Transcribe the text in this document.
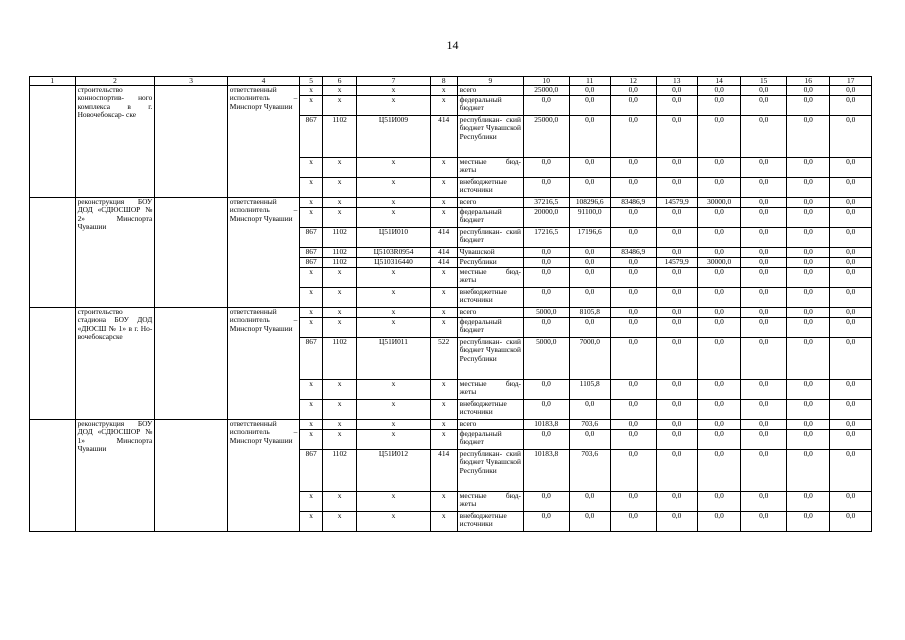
14
1	2	3	4	5	6	7	8	9	10	11	12	13	14	15	16	17
	строительство конноспортив- ного комплекса в г. Новочебоксар- ске		ответственный исполнитель – Минспорт Чувашии	x	x	x	x	всего	25000,0	0,0	0,0	0,0	0,0	0,0	0,0	0,0
				x	x	x	x	федеральный бюджет	0,0	0,0	0,0	0,0	0,0	0,0	0,0	0,0
				867	1102	Ц51И009	414	республикан- ский бюджет Чувашской Республики	25000,0	0,0	0,0	0,0	0,0	0,0	0,0	0,0
				x	x	x	x	местные бюд- жеты	0,0	0,0	0,0	0,0	0,0	0,0	0,0	0,0
				x	x	x	x	внебюджетные источники	0,0	0,0	0,0	0,0	0,0	0,0	0,0	0,0
	реконструкция БОУ ДОД «СДЮСШОР № 2» Минспорта Чувашии		ответственный исполнитель – Минспорт Чувашии	x	x	x	x	всего	37216,5	108296,6	83486,9	14579,9	30000,0	0,0	0,0	0,0
				x	x	x	x	федеральный бюджет	20000,0	91100,0	0,0	0,0	0,0	0,0	0,0	0,0
				867	1102	Ц51И010	414	республикан- ский бюджет	17216,5	17196,6	0,0	0,0	0,0	0,0	0,0	0,0
				867	1102	Ц5103R0954	414	Чувашской	0,0	0,0	83486,9	0,0	0,0	0,0	0,0	0,0
				867	1102	Ц510316440	414	Республики	0,0	0,0	0,0	14579,9	30000,0	0,0	0,0	0,0
				x	x	x	x	местные бюд- жеты	0,0	0,0	0,0	0,0	0,0	0,0	0,0	0,0
				x	x	x	x	внебюджетные источники	0,0	0,0	0,0	0,0	0,0	0,0	0,0	0,0
	строительство стадиона БОУ ДОД «ДЮСШ № 1» в г. Но- вочебоксарске		ответственный исполнитель – Минспорт Чувашии	x	x	x	x	всего	5000,0	8105,8	0,0	0,0	0,0	0,0	0,0	0,0
				x	x	x	x	федеральный бюджет	0,0	0,0	0,0	0,0	0,0	0,0	0,0	0,0
				867	1102	Ц51И011	522	республикан- ский бюджет Чувашской Республики	5000,0	7000,0	0,0	0,0	0,0	0,0	0,0	0,0
				x	x	x	x	местные бюд- жеты	0,0	1105,8	0,0	0,0	0,0	0,0	0,0	0,0
				x	x	x	x	внебюджетные источники	0,0	0,0	0,0	0,0	0,0	0,0	0,0	0,0
	реконструкция БОУ ДОД «СДЮСШОР № 1» Минспорта Чувашии		ответственный исполнитель – Минспорт Чувашии	x	x	x	x	всего	10183,8	703,6	0,0	0,0	0,0	0,0	0,0	0,0
				x	x	x	x	федеральный бюджет	0,0	0,0	0,0	0,0	0,0	0,0	0,0	0,0
				867	1102	Ц51И012	414	республикан- ский бюджет Чувашской Республики	10183,8	703,6	0,0	0,0	0,0	0,0	0,0	0,0
				x	x	x	x	местные бюд- жеты	0,0	0,0	0,0	0,0	0,0	0,0	0,0	0,0
				x	x	x	x	внебюджетные источники	0,0	0,0	0,0	0,0	0,0	0,0	0,0	0,0
